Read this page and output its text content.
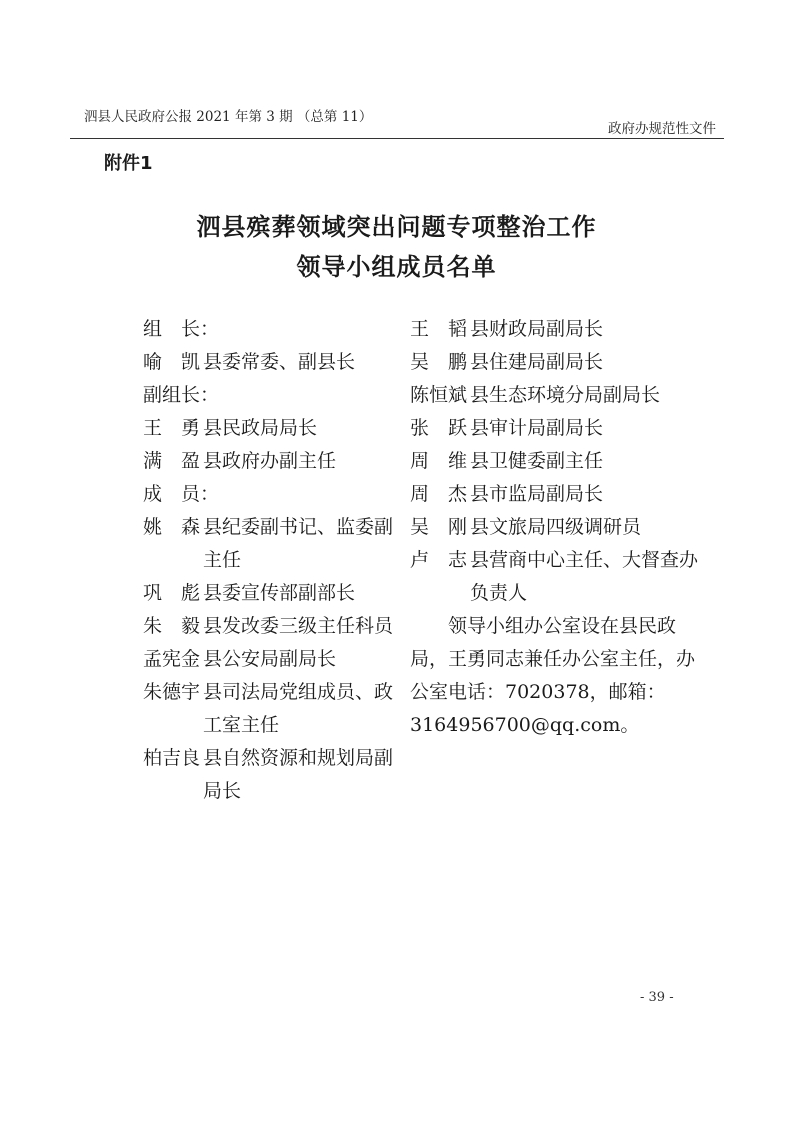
泗县人民政府公报 2021 年第 3 期 （总第 11）
政府办规范性文件
附件1
泗县殡葬领域突出问题专项整治工作
领导小组成员名单
组　长：
喻　凯 县委常委、副县长
副组长：
王　勇 县民政局局长
满　盈 县政府办副主任
成　员：
姚　森 县纪委副书记、监委副主任
巩　彪 县委宣传部副部长
朱　毅 县发改委三级主任科员
孟宪金 县公安局副局长
朱德宇 县司法局党组成员、政工室主任
柏吉良 县自然资源和规划局副局长
王　韬 县财政局副局长
吴　鹏 县住建局副局长
陈恒斌 县生态环境分局副局长
张　跃 县审计局副局长
周　维 县卫健委副主任
周　杰 县市监局副局长
吴　刚 县文旅局四级调研员
卢　志 县营商中心主任、大督查办负责人
领导小组办公室设在县民政局，王勇同志兼任办公室主任，办公室电话：7020378，邮箱：3164956700@qq.com。
- 39 -
